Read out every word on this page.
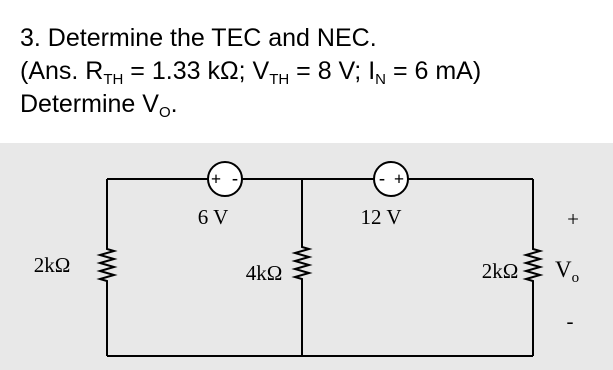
3. Determine the TEC and NEC.
(Ans. $R_{TH} = 1.33$ kΩ; $V_{TH} = 8$ V; $I_N = 6$ mA)
Determine $V_O$.
+ -	- +
6 V	12 V
2kΩ	4kΩ	2kΩ
+
$V_o$
-
